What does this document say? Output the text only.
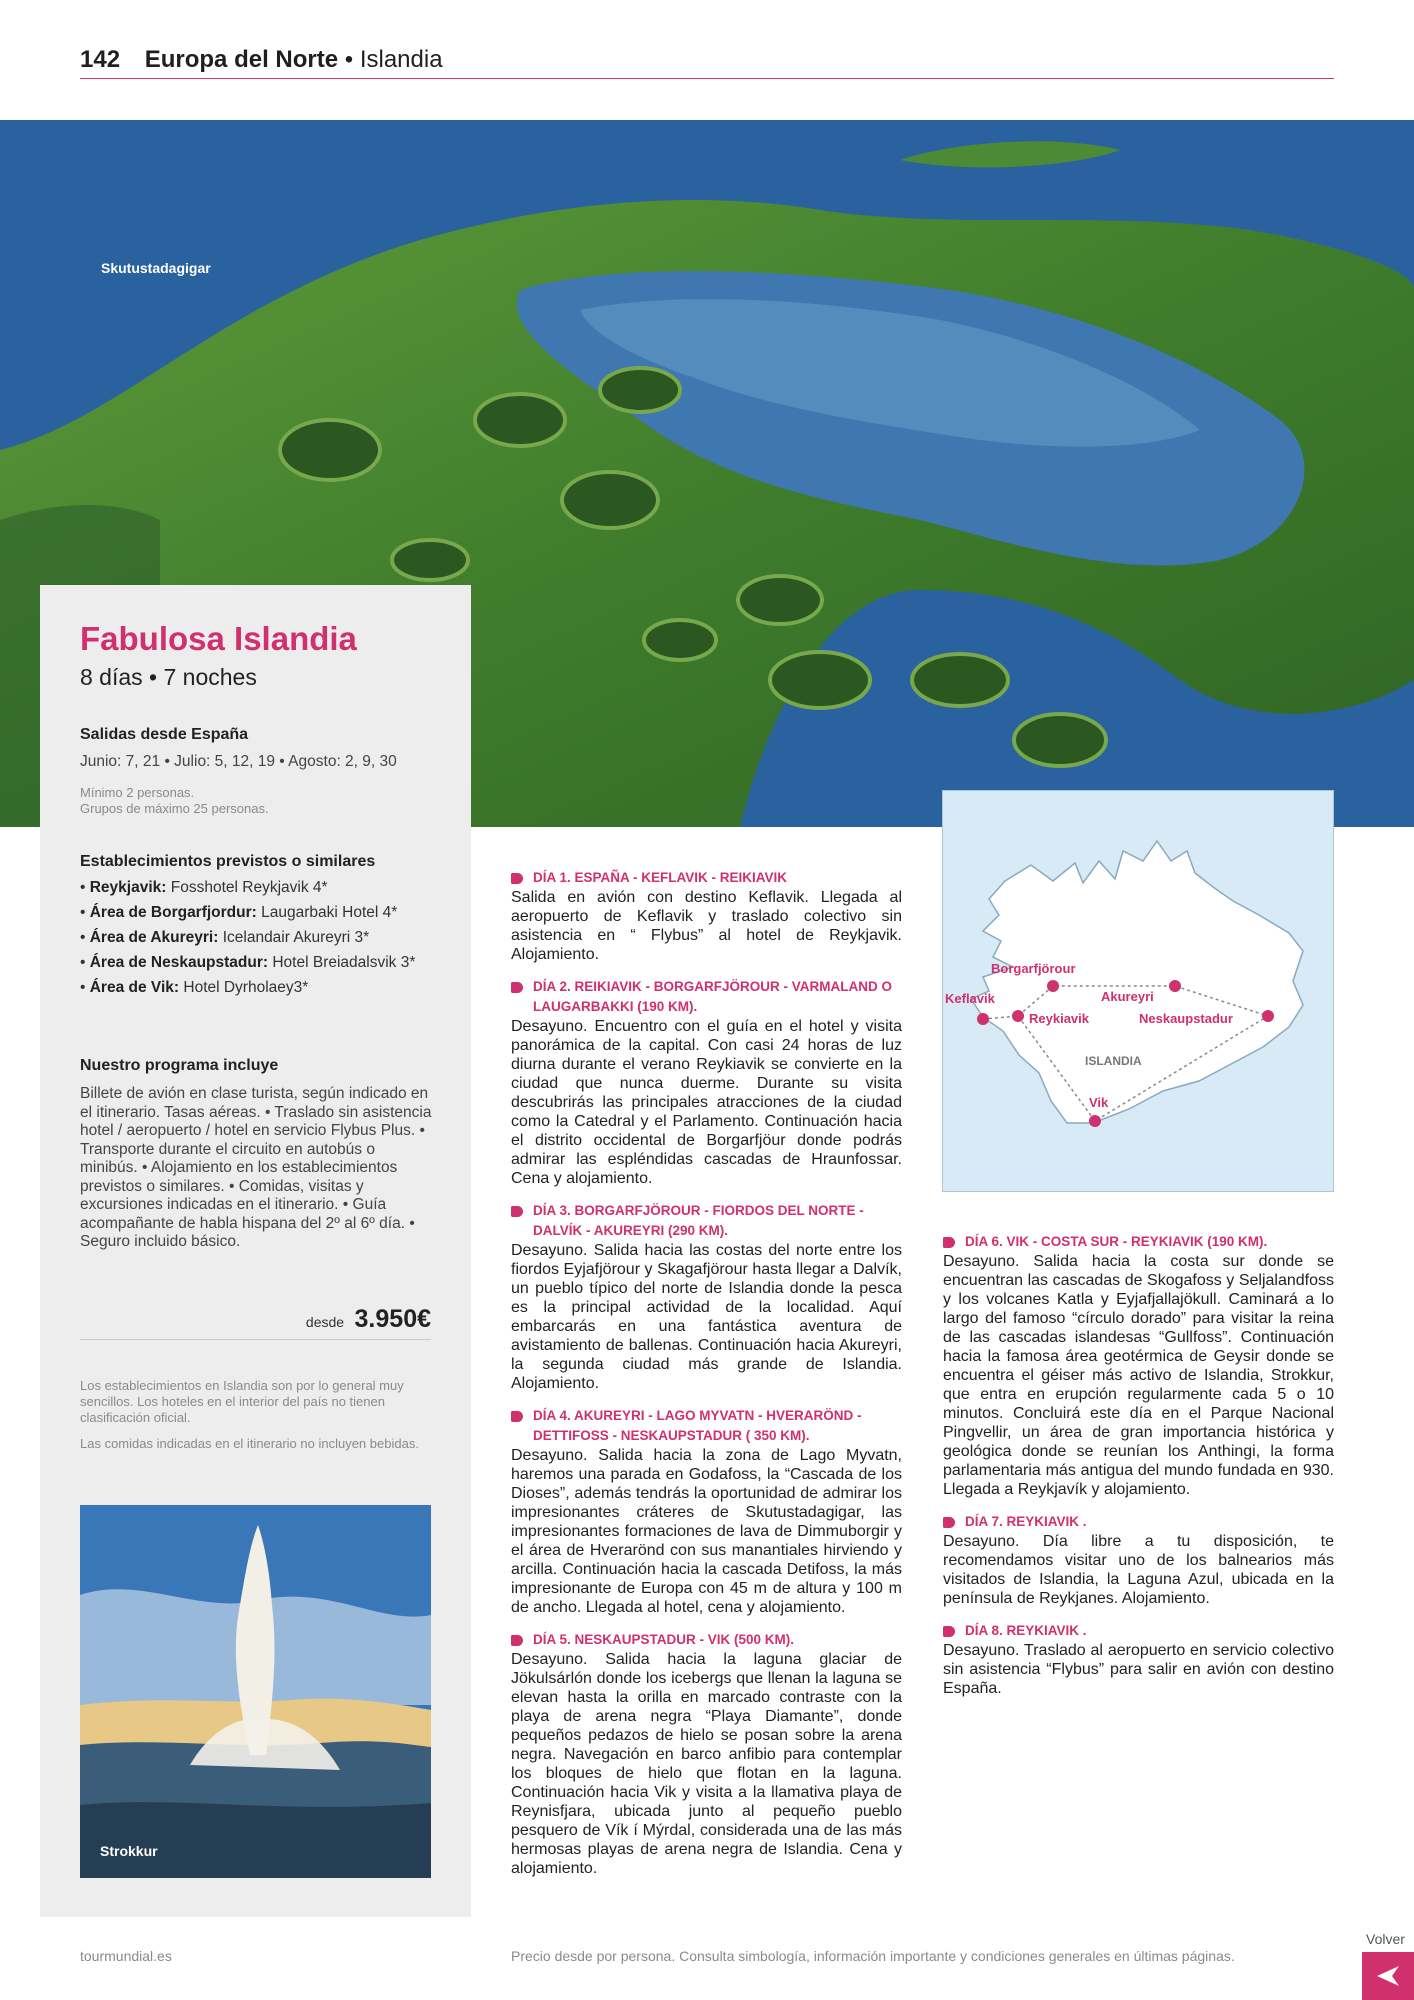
142 Europa del Norte • Islandia
Skutustadagigar
Fabulosa Islandia
8 días • 7 noches
Salidas desde España
Junio: 7, 21 • Julio: 5, 12, 19 • Agosto: 2, 9, 30
Mínimo 2 personas.
Grupos de máximo 25 personas.
Establecimientos previstos o similares
• Reykjavik: Fosshotel Reykjavik 4*
• Área de Borgarfjordur: Laugarbaki Hotel 4*
• Área de Akureyri: Icelandair Akureyri 3*
• Área de Neskaupstadur: Hotel Breiadalsvik 3*
• Área de Vik: Hotel Dyrholaey3*
Nuestro programa incluye
Billete de avión en clase turista, según indicado en el itinerario. Tasas aéreas. • Traslado sin asistencia hotel / aeropuerto / hotel en servicio Flybus Plus. • Transporte durante el circuito en autobús o minibús. • Alojamiento en los establecimientos previstos o similares. • Comidas, visitas y excursiones indicadas en el itinerario. • Guía acompañante de habla hispana del 2º al 6º día. • Seguro incluido básico.
desde 3.950€
Los establecimientos en Islandia son por lo general muy sencillos. Los hoteles en el interior del país no tienen clasificación oficial.
Las comidas indicadas en el itinerario no incluyen bebidas.
Strokkur
Borgarfjörour
Keflavik
Reykiavik
Akureyri
Neskaupstadur
Vik
ISLANDIA
DÍA 1. ESPAÑA - KEFLAVIK - REIKIAVIK
Salida en avión con destino Keflavik. Llegada al aeropuerto de Keflavik y traslado colectivo sin asistencia en “ Flybus” al hotel de Reykjavik. Alojamiento.
DÍA 2. REIKIAVIK - BORGARFJÖROUR - VARMALAND O LAUGARBAKKI (190 KM).
Desayuno. Encuentro con el guía en el hotel y visita panorámica de la capital. Con casi 24 horas de luz diurna durante el verano Reykiavik se convierte en la ciudad que nunca duerme. Durante su visita descubrirás las principales atracciones de la ciudad como la Catedral y el Parlamento. Continuación hacia el distrito occidental de Borgarfjöur donde podrás admirar las espléndidas cascadas de Hraunfossar. Cena y alojamiento.
DÍA 3. BORGARFJÖROUR - FIORDOS DEL NORTE - DALVÍK - AKUREYRI (290 KM).
Desayuno. Salida hacia las costas del norte entre los fiordos Eyjafjörour y Skagafjörour hasta llegar a Dalvík, un pueblo típico del norte de Islandia donde la pesca es la principal actividad de la localidad. Aquí embarcarás en una fantástica aventura de avistamiento de ballenas. Continuación hacia Akureyri, la segunda ciudad más grande de Islandia. Alojamiento.
DÍA 4. AKUREYRI - LAGO MYVATN - HVERARÖND - DETTIFOSS - NESKAUPSTADUR ( 350 KM).
Desayuno. Salida hacia la zona de Lago Myvatn, haremos una parada en Godafoss, la “Cascada de los Dioses”, además tendrás la oportunidad de admirar los impresionantes cráteres de Skutustadagigar, las impresionantes formaciones de lava de Dimmuborgir y el área de Hverarönd con sus manantiales hirviendo y arcilla. Continuación hacia la cascada Detifoss, la más impresionante de Europa con 45 m de altura y 100 m de ancho. Llegada al hotel, cena y alojamiento.
DÍA 5. NESKAUPSTADUR - VIK (500 KM).
Desayuno. Salida hacia la laguna glaciar de Jökulsárlón donde los icebergs que llenan la laguna se elevan hasta la orilla en marcado contraste con la playa de arena negra “Playa Diamante”, donde pequeños pedazos de hielo se posan sobre la arena negra. Navegación en barco anfibio para contemplar los bloques de hielo que flotan en la laguna. Continuación hacia Vik y visita a la llamativa playa de Reynisfjara, ubicada junto al pequeño pueblo pesquero de Vík í Mýrdal, considerada una de las más hermosas playas de arena negra de Islandia. Cena y alojamiento.
DÍA 6. VIK - COSTA SUR - REYKIAVIK (190 KM).
Desayuno. Salida hacia la costa sur donde se encuentran las cascadas de Skogafoss y Seljalandfoss y los volcanes Katla y Eyjafjallajökull. Caminará a lo largo del famoso “círculo dorado” para visitar la reina de las cascadas islandesas “Gullfoss”. Continuación hacia la famosa área geotérmica de Geysir donde se encuentra el géiser más activo de Islandia, Strokkur, que entra en erupción regularmente cada 5 o 10 minutos. Concluirá este día en el Parque Nacional Pingvellir, un área de gran importancia histórica y geológica donde se reunían los Anthingi, la forma parlamentaria más antigua del mundo fundada en 930. Llegada a Reykjavík y alojamiento.
DÍA 7. REYKIAVIK .
Desayuno. Día libre a tu disposición, te recomendamos visitar uno de los balnearios más visitados de Islandia, la Laguna Azul, ubicada en la península de Reykjanes. Alojamiento.
DÍA 8. REYKIAVIK .
Desayuno. Traslado al aeropuerto en servicio colectivo sin asistencia “Flybus” para salir en avión con destino España.
tourmundial.es	Precio desde por persona. Consulta simbología, información importante y condiciones generales en últimas páginas.
Volver
